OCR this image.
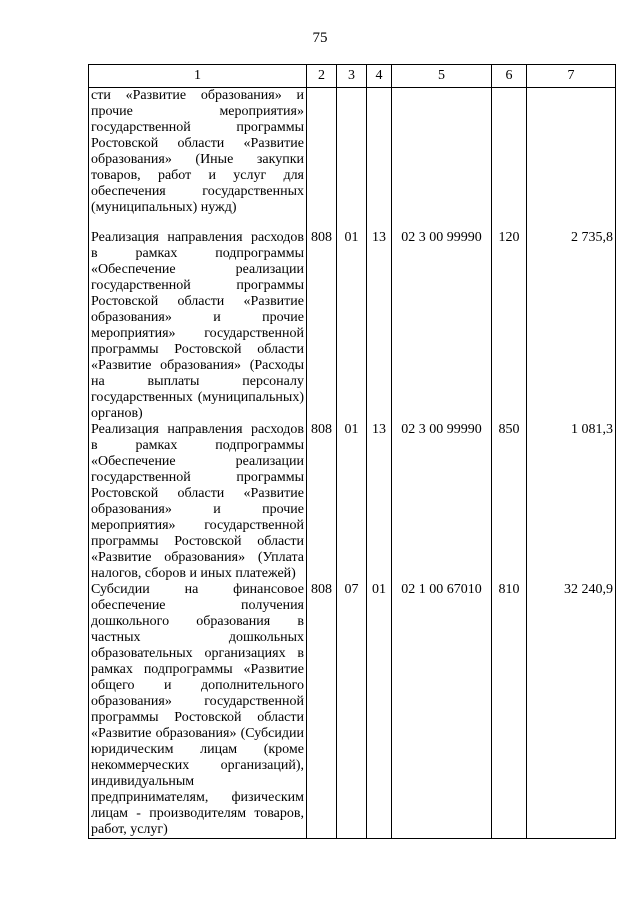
75
1	2	3	4	5	6	7
сти «Развитие образования» и прочие мероприятия» государственной программы Ростовской области «Развитие образования» (Иные закупки товаров, работ и услуг для обеспечения государственных (муниципальных) нужд)						
Реализация направления расходов в рамках подпрограммы «Обеспечение реализации государственной программы Ростовской области «Развитие образования» и прочие мероприятия» государственной программы Ростовской области «Развитие образования» (Расходы на выплаты персоналу государственных (муниципальных) органов)	808	01	13	02 3 00 99990	120	2 735,8
Реализация направления расходов в рамках подпрограммы «Обеспечение реализации государственной программы Ростовской области «Развитие образования» и прочие мероприятия» государственной программы Ростовской области «Развитие образования» (Уплата налогов, сборов и иных платежей)	808	01	13	02 3 00 99990	850	1 081,3
Субсидии на финансовое обеспечение получения дошкольного образования в частных дошкольных образовательных организациях в рамках подпрограммы «Развитие общего и дополнительного образования» государственной программы Ростовской области «Развитие образования» (Субсидии юридическим лицам (кроме некоммерческих организаций), индивидуальным предпринимателям, физическим лицам - производителям товаров, работ, услуг)	808	07	01	02 1 00 67010	810	32 240,9
